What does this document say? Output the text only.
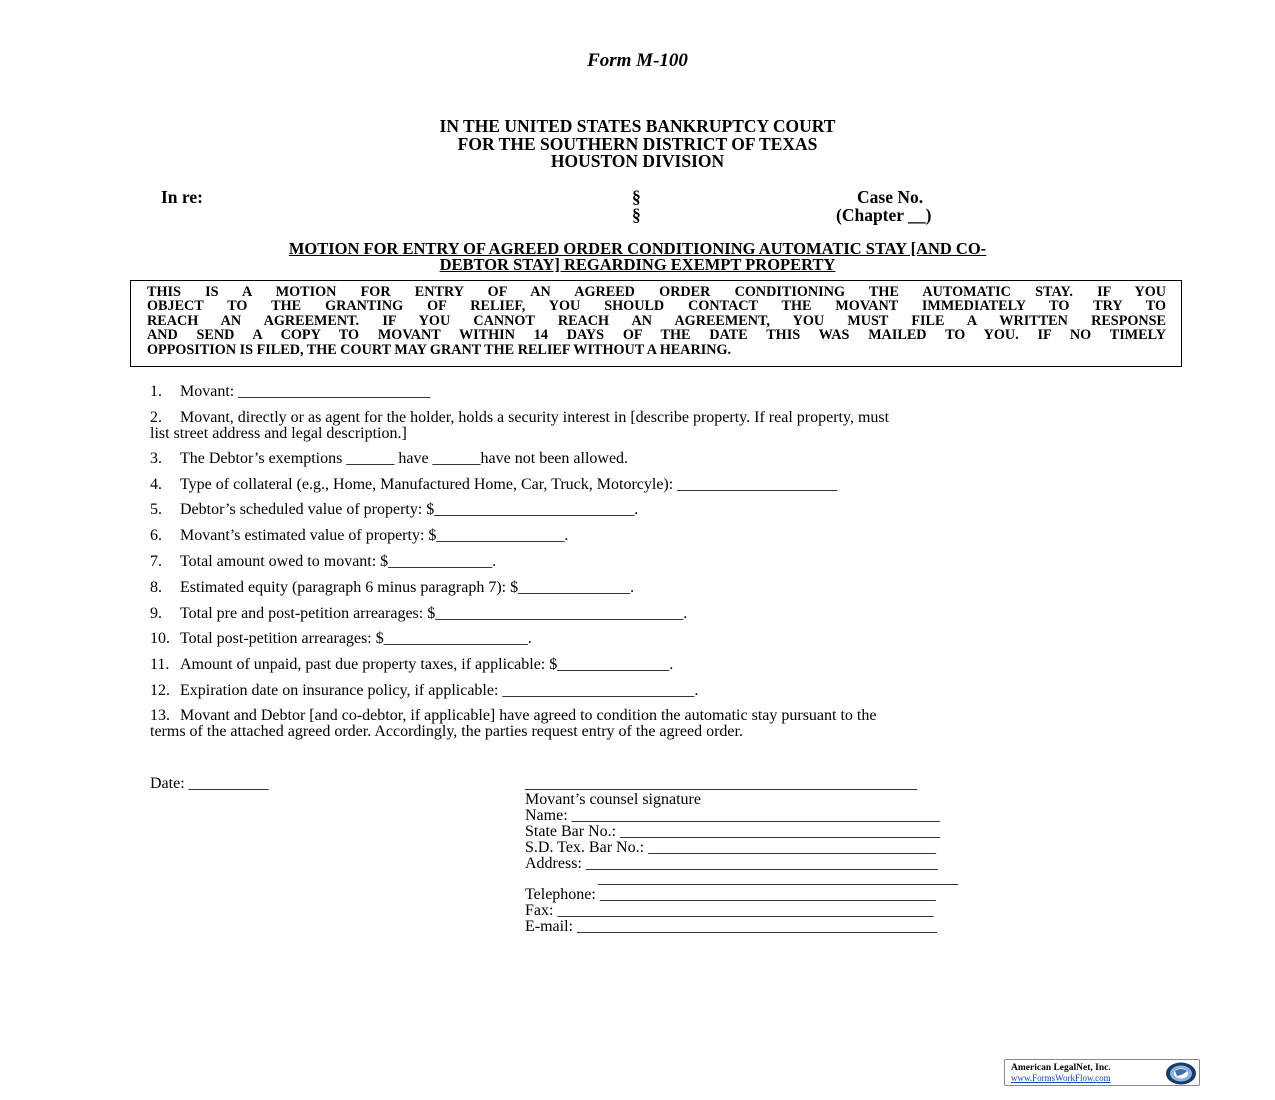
Form M-100
IN THE UNITED STATES BANKRUPTCY COURT
FOR THE SOUTHERN DISTRICT OF TEXAS
HOUSTON DIVISION
In re:	§
§
Case No.
(Chapter __)
MOTION FOR ENTRY OF AGREED ORDER CONDITIONING AUTOMATIC STAY [AND CO-
DEBTOR STAY] REGARDING EXEMPT PROPERTY
THIS IS A MOTION FOR ENTRY OF AN AGREED ORDER CONDITIONING THE AUTOMATIC STAY. IF YOU
OBJECT TO THE GRANTING OF RELIEF, YOU SHOULD CONTACT THE MOVANT IMMEDIATELY TO TRY TO
REACH AN AGREEMENT. IF YOU CANNOT REACH AN AGREEMENT, YOU MUST FILE A WRITTEN RESPONSE
AND SEND A COPY TO MOVANT WITHIN 14 DAYS OF THE DATE THIS WAS MAILED TO YOU. IF NO TIMELY
OPPOSITION IS FILED, THE COURT MAY GRANT THE RELIEF WITHOUT A HEARING.
1. Movant: ________________________
2. Movant, directly or as agent for the holder, holds a security interest in [describe property. If real property, must
list street address and legal description.]
3. The Debtor’s exemptions ______ have ______have not been allowed.
4. Type of collateral (e.g., Home, Manufactured Home, Car, Truck, Motorcyle): ____________________
5. Debtor’s scheduled value of property: $_________________________.
6. Movant’s estimated value of property: $________________.
7. Total amount owed to movant: $_____________.
8. Estimated equity (paragraph 6 minus paragraph 7): $______________.
9. Total pre and post-petition arrearages: $_______________________________.
10. Total post-petition arrearages: $__________________.
11. Amount of unpaid, past due property taxes, if applicable: $______________.
12. Expiration date on insurance policy, if applicable: ________________________.
13. Movant and Debtor [and co-debtor, if applicable] have agreed to condition the automatic stay pursuant to the
terms of the attached agreed order. Accordingly, the parties request entry of the agreed order.
Date: __________	_________________________________________________
Movant’s counsel signature
Name: ______________________________________________
State Bar No.: ________________________________________
S.D. Tex. Bar No.: ____________________________________
Address: ____________________________________________
_____________________________________________
Telephone: __________________________________________
Fax: _______________________________________________
E-mail: _____________________________________________
American LegalNet, Inc.
www.FormsWorkFlow.com
